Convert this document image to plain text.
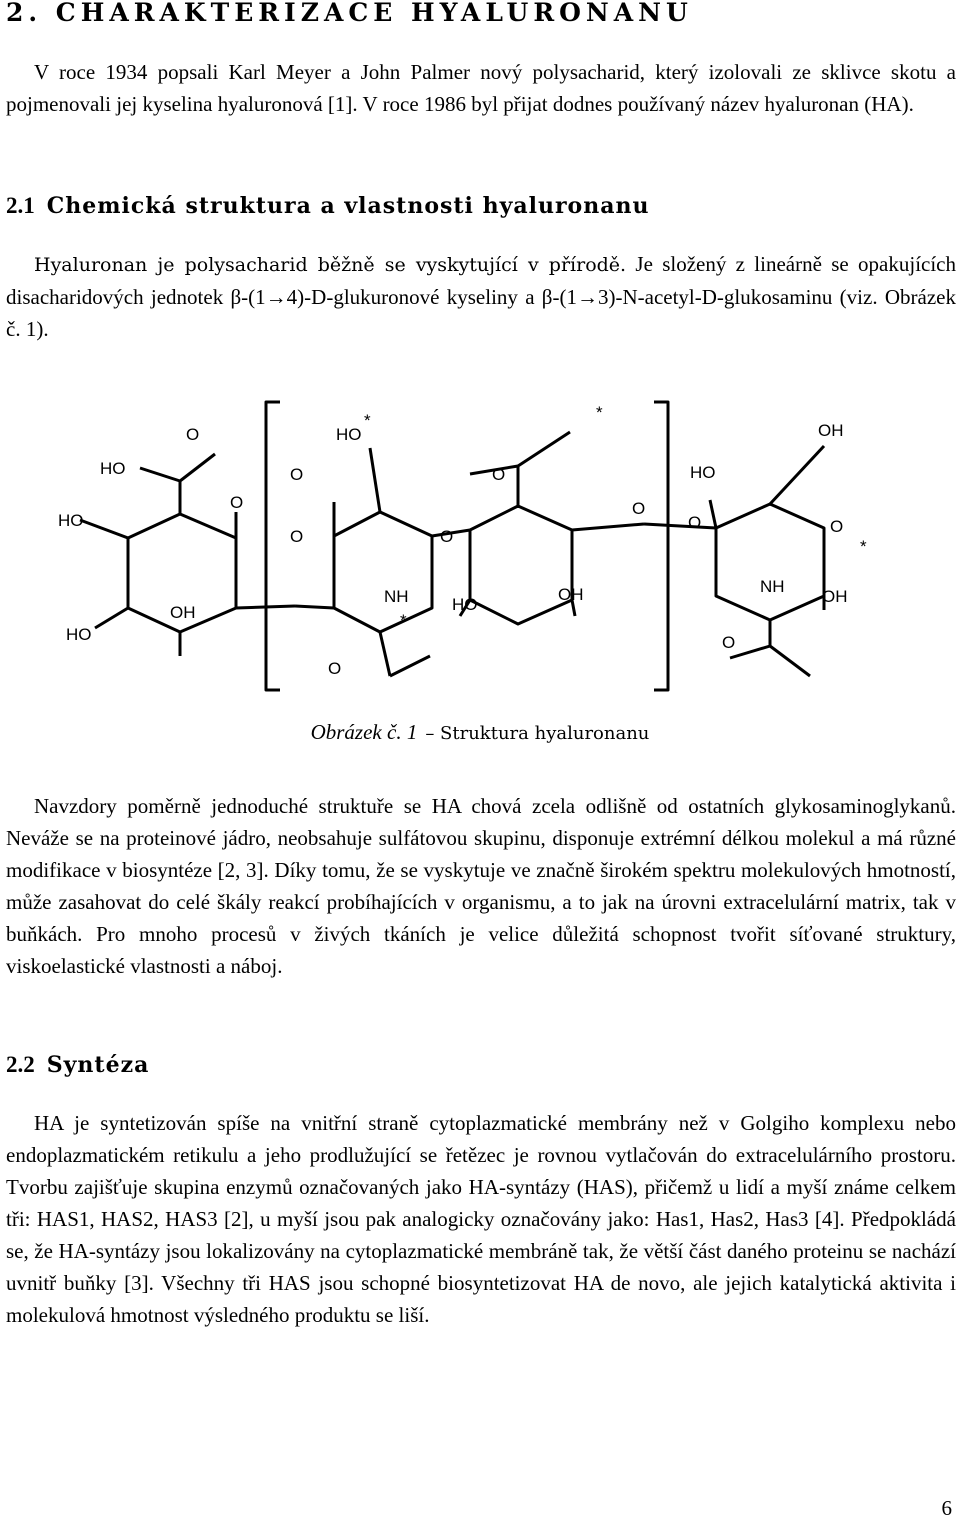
2. CHARAKTERIZACE HYALURONANU

V roce 1934 popsali Karl Meyer a John Palmer nový polysacharid, který izolovali ze sklivce skotu a pojmenovali jej kyselina hyaluronová [1]. V roce 1986 byl přijat dodnes používaný název hyaluronan (HA).

2.1 Chemická struktura a vlastnosti hyaluronanu

Hyaluronan je polysacharid běžně se vyskytující v přírodě. Je složený z lineárně se opakujících disacharidových jednotek β-(1→4)-D-glukuronové kyseliny a β-(1→3)-N-acetyl-D-glukosaminu (viz. Obrázek č. 1).

O
HO
HO
O
OH
HO
HO
O
O
NH
O
O
HO
OH
O
O
O
OH
HO
O
NH
OH
O
*	*
*
*

Obrázek č. 1 – Struktura hyaluronanu

Navzdory poměrně jednoduché struktuře se HA chová zcela odlišně od ostatních glykosaminoglykanů. Neváže se na proteinové jádro, neobsahuje sulfátovou skupinu, disponuje extrémní délkou molekul a má různé modifikace v biosyntéze [2, 3]. Díky tomu, že se vyskytuje ve značně širokém spektru molekulových hmotností, může zasahovat do celé škály reakcí probíhajících v organismu, a to jak na úrovni extracelulární matrix, tak v buňkách. Pro mnoho procesů v živých tkáních je velice důležitá schopnost tvořit síťované struktury, viskoelastické vlastnosti a náboj.

2.2 Syntéza

HA je syntetizován spíše na vnitřní straně cytoplazmatické membrány než v Golgiho komplexu nebo endoplazmatickém retikulu a jeho prodlužující se řetězec je rovnou vytlačován do extracelulárního prostoru. Tvorbu zajišťuje skupina enzymů označovaných jako HA-syntázy (HAS), přičemž u lidí a myší známe celkem tři: HAS1, HAS2, HAS3 [2], u myší jsou pak analogicky označovány jako: Has1, Has2, Has3 [4]. Předpokládá se, že HA-syntázy jsou lokalizovány na cytoplazmatické membráně tak, že větší část daného proteinu se nachází uvnitř buňky [3]. Všechny tři HAS jsou schopné biosyntetizovat HA de novo, ale jejich katalytická aktivita i molekulová hmotnost výsledného produktu se liší.

6
